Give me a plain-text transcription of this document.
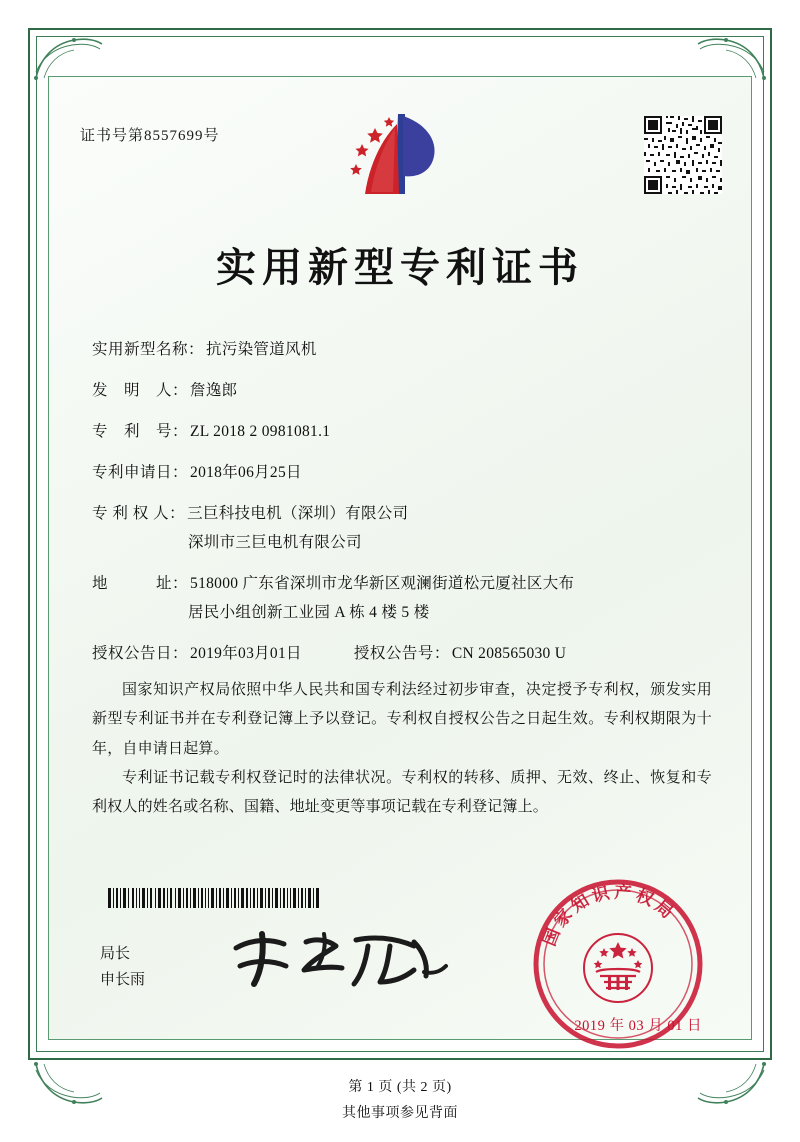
证书号第8557699号
实用新型专利证书
实用新型名称： 抗污染管道风机
发　明　人： 詹逸郎
专　利　号： ZL 2018 2 0981081.1
专利申请日： 2018年06月25日
专 利 权 人： 三巨科技电机（深圳）有限公司
深圳市三巨电机有限公司
地　　　址： 518000 广东省深圳市龙华新区观澜街道松元厦社区大布
居民小组创新工业园 A 栋 4 楼 5 楼
授权公告日： 2019年03月01日	授权公告号： CN 208565030 U
国家知识产权局依照中华人民共和国专利法经过初步审查，决定授予专利权，颁发实用新型专利证书并在专利登记簿上予以登记。专利权自授权公告之日起生效。专利权期限为十年，自申请日起算。
专利证书记载专利权登记时的法律状况。专利权的转移、质押、无效、终止、恢复和专利权人的姓名或名称、国籍、地址变更等事项记载在专利登记簿上。
局长
申长雨
国
家
知
识 产 权
局
2019 年 03 月 01 日
第 1 页 (共 2 页)
其他事项参见背面
